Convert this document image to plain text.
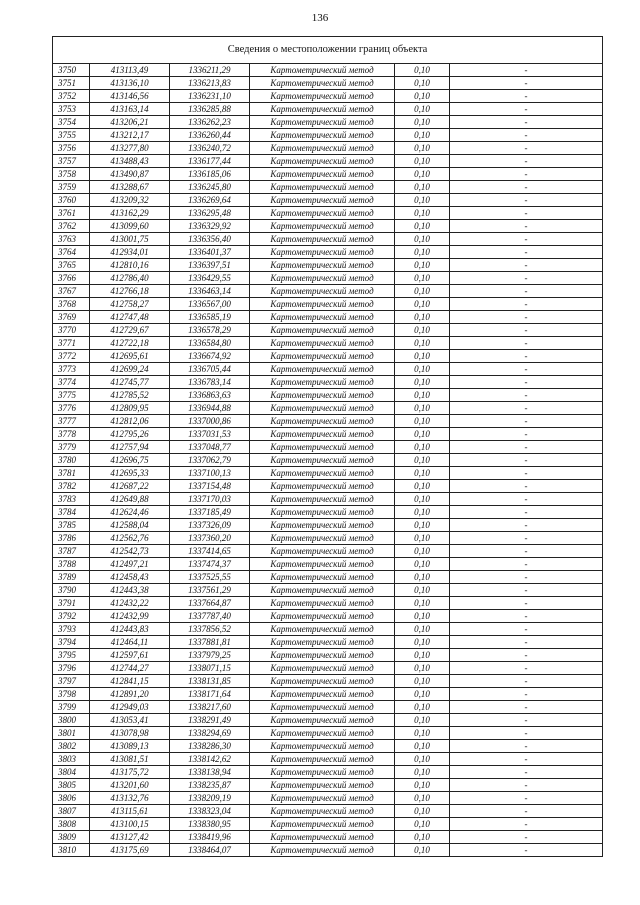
136
Сведения о местоположении границ объекта					
3750	413113,49	1336211,29	Картометрический метод	0,10	-
3751	413136,10	1336213,83	Картометрический метод	0,10	-
3752	413146,56	1336231,10	Картометрический метод	0,10	-
3753	413163,14	1336285,88	Картометрический метод	0,10	-
3754	413206,21	1336262,23	Картометрический метод	0,10	-
3755	413212,17	1336260,44	Картометрический метод	0,10	-
3756	413277,80	1336240,72	Картометрический метод	0,10	-
3757	413488,43	1336177,44	Картометрический метод	0,10	-
3758	413490,87	1336185,06	Картометрический метод	0,10	-
3759	413288,67	1336245,80	Картометрический метод	0,10	-
3760	413209,32	1336269,64	Картометрический метод	0,10	-
3761	413162,29	1336295,48	Картометрический метод	0,10	-
3762	413099,60	1336329,92	Картометрический метод	0,10	-
3763	413001,75	1336356,40	Картометрический метод	0,10	-
3764	412934,01	1336401,37	Картометрический метод	0,10	-
3765	412810,16	1336397,51	Картометрический метод	0,10	-
3766	412786,40	1336429,55	Картометрический метод	0,10	-
3767	412766,18	1336463,14	Картометрический метод	0,10	-
3768	412758,27	1336567,00	Картометрический метод	0,10	-
3769	412747,48	1336585,19	Картометрический метод	0,10	-
3770	412729,67	1336578,29	Картометрический метод	0,10	-
3771	412722,18	1336584,80	Картометрический метод	0,10	-
3772	412695,61	1336674,92	Картометрический метод	0,10	-
3773	412699,24	1336705,44	Картометрический метод	0,10	-
3774	412745,77	1336783,14	Картометрический метод	0,10	-
3775	412785,52	1336863,63	Картометрический метод	0,10	-
3776	412809,95	1336944,88	Картометрический метод	0,10	-
3777	412812,06	1337000,86	Картометрический метод	0,10	-
3778	412795,26	1337031,53	Картометрический метод	0,10	-
3779	412757,94	1337048,77	Картометрический метод	0,10	-
3780	412696,75	1337062,79	Картометрический метод	0,10	-
3781	412695,33	1337100,13	Картометрический метод	0,10	-
3782	412687,22	1337154,48	Картометрический метод	0,10	-
3783	412649,88	1337170,03	Картометрический метод	0,10	-
3784	412624,46	1337185,49	Картометрический метод	0,10	-
3785	412588,04	1337326,09	Картометрический метод	0,10	-
3786	412562,76	1337360,20	Картометрический метод	0,10	-
3787	412542,73	1337414,65	Картометрический метод	0,10	-
3788	412497,21	1337474,37	Картометрический метод	0,10	-
3789	412458,43	1337525,55	Картометрический метод	0,10	-
3790	412443,38	1337561,29	Картометрический метод	0,10	-
3791	412432,22	1337664,87	Картометрический метод	0,10	-
3792	412432,99	1337787,40	Картометрический метод	0,10	-
3793	412443,83	1337856,52	Картометрический метод	0,10	-
3794	412464,11	1337881,81	Картометрический метод	0,10	-
3795	412597,61	1337979,25	Картометрический метод	0,10	-
3796	412744,27	1338071,15	Картометрический метод	0,10	-
3797	412841,15	1338131,85	Картометрический метод	0,10	-
3798	412891,20	1338171,64	Картометрический метод	0,10	-
3799	412949,03	1338217,60	Картометрический метод	0,10	-
3800	413053,41	1338291,49	Картометрический метод	0,10	-
3801	413078,98	1338294,69	Картометрический метод	0,10	-
3802	413089,13	1338286,30	Картометрический метод	0,10	-
3803	413081,51	1338142,62	Картометрический метод	0,10	-
3804	413175,72	1338138,94	Картометрический метод	0,10	-
3805	413201,60	1338235,87	Картометрический метод	0,10	-
3806	413132,76	1338209,19	Картометрический метод	0,10	-
3807	413115,61	1338323,04	Картометрический метод	0,10	-
3808	413100,15	1338380,95	Картометрический метод	0,10	-
3809	413127,42	1338419,96	Картометрический метод	0,10	-
3810	413175,69	1338464,07	Картометрический метод	0,10	-
